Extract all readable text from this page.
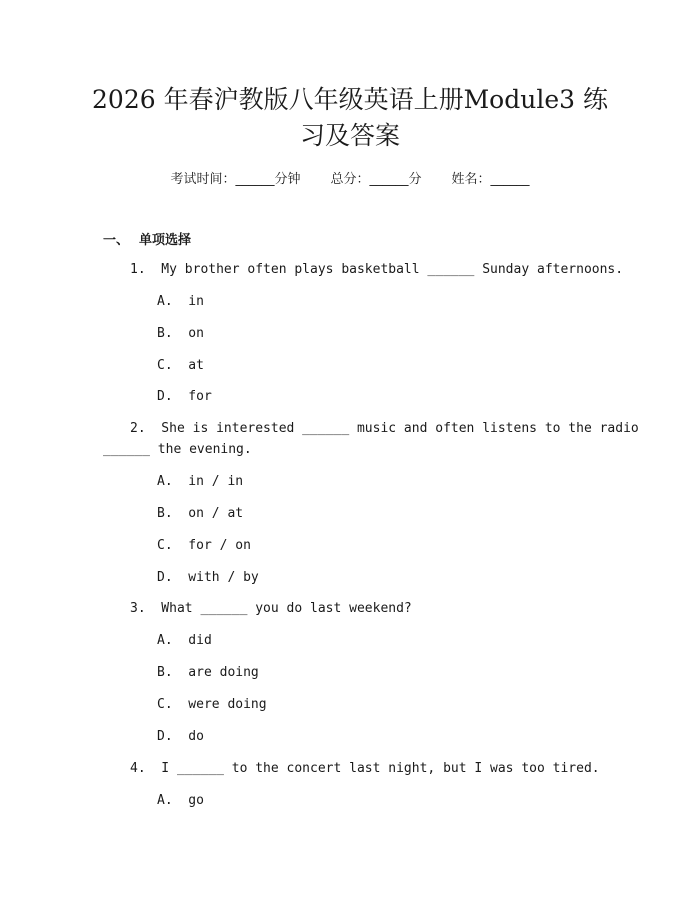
2026 年春沪教版八年级英语上册Module3 练
习及答案
考试时间：______分钟 总分：______分 姓名：______
一、 单项选择
1.  My brother often plays basketball ______ Sunday afternoons.
A.  in
B.  on
C.  at
D.  for
2.  She is interested ______ music and often listens to the radio
______ the evening.
A.  in / in
B.  on / at
C.  for / on
D.  with / by
3.  What ______ you do last weekend?
A.  did
B.  are doing
C.  were doing
D.  do
4.  I ______ to the concert last night, but I was too tired.
A.  go
